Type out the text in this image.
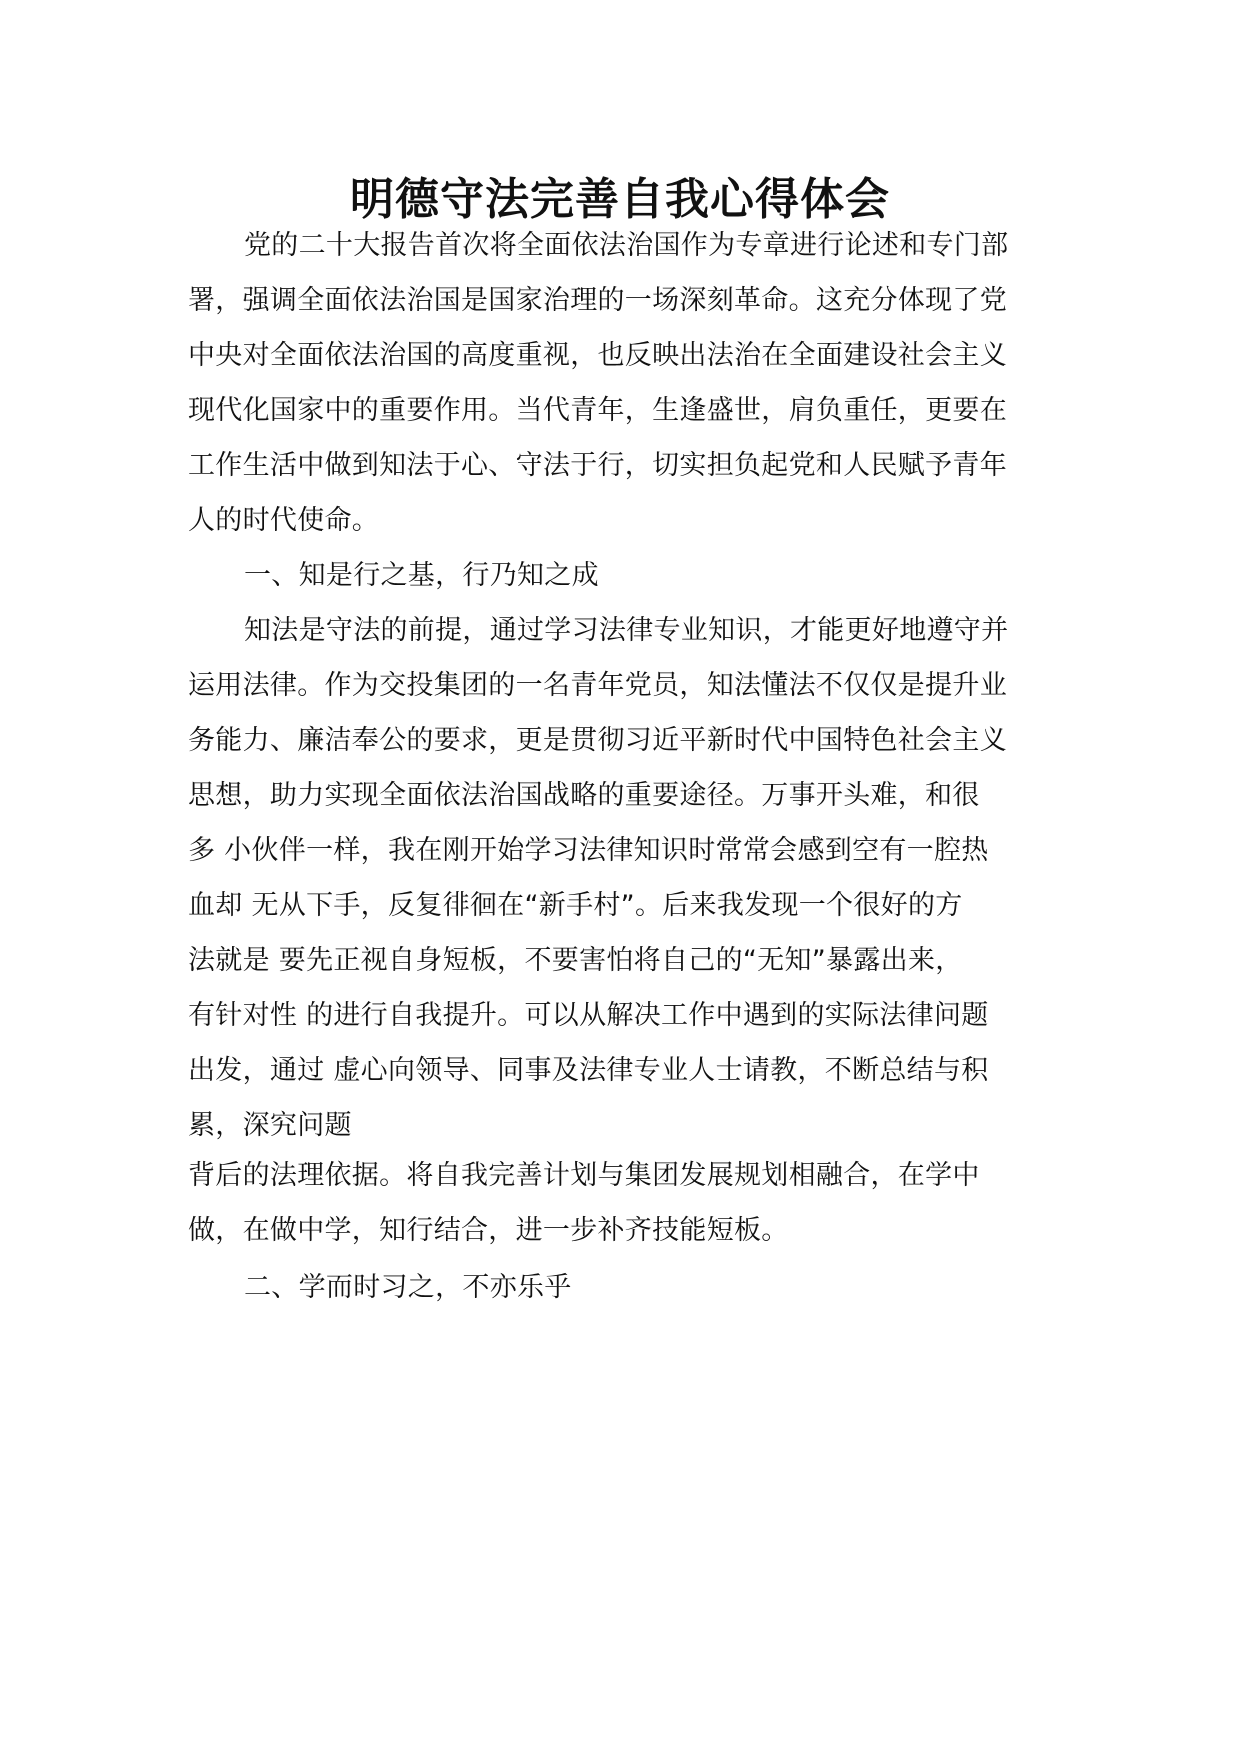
明德守法完善自我心得体会
党的二十大报告首次将全面依法治国作为专章进行论述和专门部
署，强调全面依法治国是国家治理的一场深刻革命。这充分体现了党
中央对全面依法治国的高度重视，也反映出法治在全面建设社会主义
现代化国家中的重要作用。当代青年，生逢盛世，肩负重任，更要在
工作生活中做到知法于心、守法于行，切实担负起党和人民赋予青年
人的时代使命。
一、知是行之基，行乃知之成
知法是守法的前提，通过学习法律专业知识，才能更好地遵守并
运用法律。作为交投集团的一名青年党员，知法懂法不仅仅是提升业
务能力、廉洁奉公的要求，更是贯彻习近平新时代中国特色社会主义
思想，助力实现全面依法治国战略的重要途径。万事开头难，和很
多 小伙伴一样，我在刚开始学习法律知识时常常会感到空有一腔热
血却 无从下手，反复徘徊在“新手村”。后来我发现一个很好的方
法就是 要先正视自身短板，不要害怕将自己的“无知”暴露出来，
有针对性 的进行自我提升。可以从解决工作中遇到的实际法律问题
出发，通过 虚心向领导、同事及法律专业人士请教，不断总结与积
累，深究问题
背后的法理依据。将自我完善计划与集团发展规划相融合，在学中
做，在做中学，知行结合，进一步补齐技能短板。
二、学而时习之，不亦乐乎
